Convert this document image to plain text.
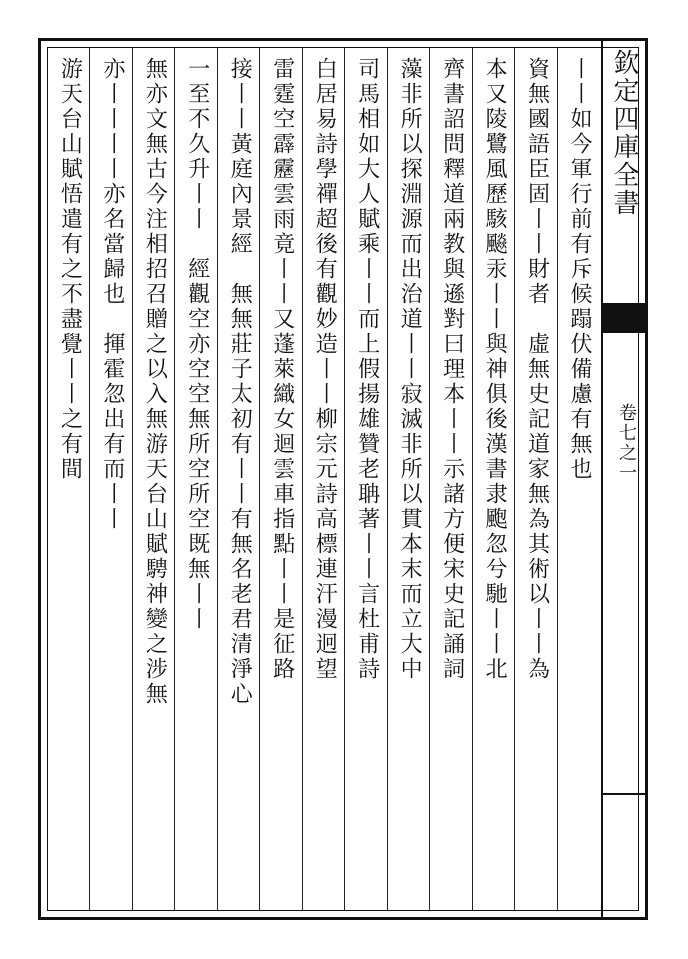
欽定四庫全書
卷七之一
丨丨如今軍行前有斥候蹋伏備慮有無也
資無國語臣固丨丨財者　虛無史記道家無為其術以丨丨為
本又陵鷺風歷駭飈汞丨丨與神俱後漢書隶颮忽兮馳丨丨北
齊書詔問釋道兩教與遜對曰理本丨丨示諸方便宋史記誦詞
藻非所以探淵源而出治道丨丨寂滅非所以貫本末而立大中
司馬相如大人賦乘丨丨而上假揚雄贊老聃著丨丨言杜甫詩
白居易詩學禪超後有觀妙造丨丨柳宗元詩高標連汗漫迥望
雷霆空霹靂雲雨竟丨丨又蓬萊織女迴雲車指點丨丨是征路
接丨丨黃庭內景經　無無莊子太初有丨丨有無名老君清淨心
一至不久升丨丨　經觀空亦空空無所空所空既無丨丨
無亦文無古今注相招召贈之以入無游天台山賦騁神變之涉無
亦丨丨丨丨亦名當歸也　揮霍忽出有而丨丨
游天台山賦悟遣有之不盡覺丨丨之有間
